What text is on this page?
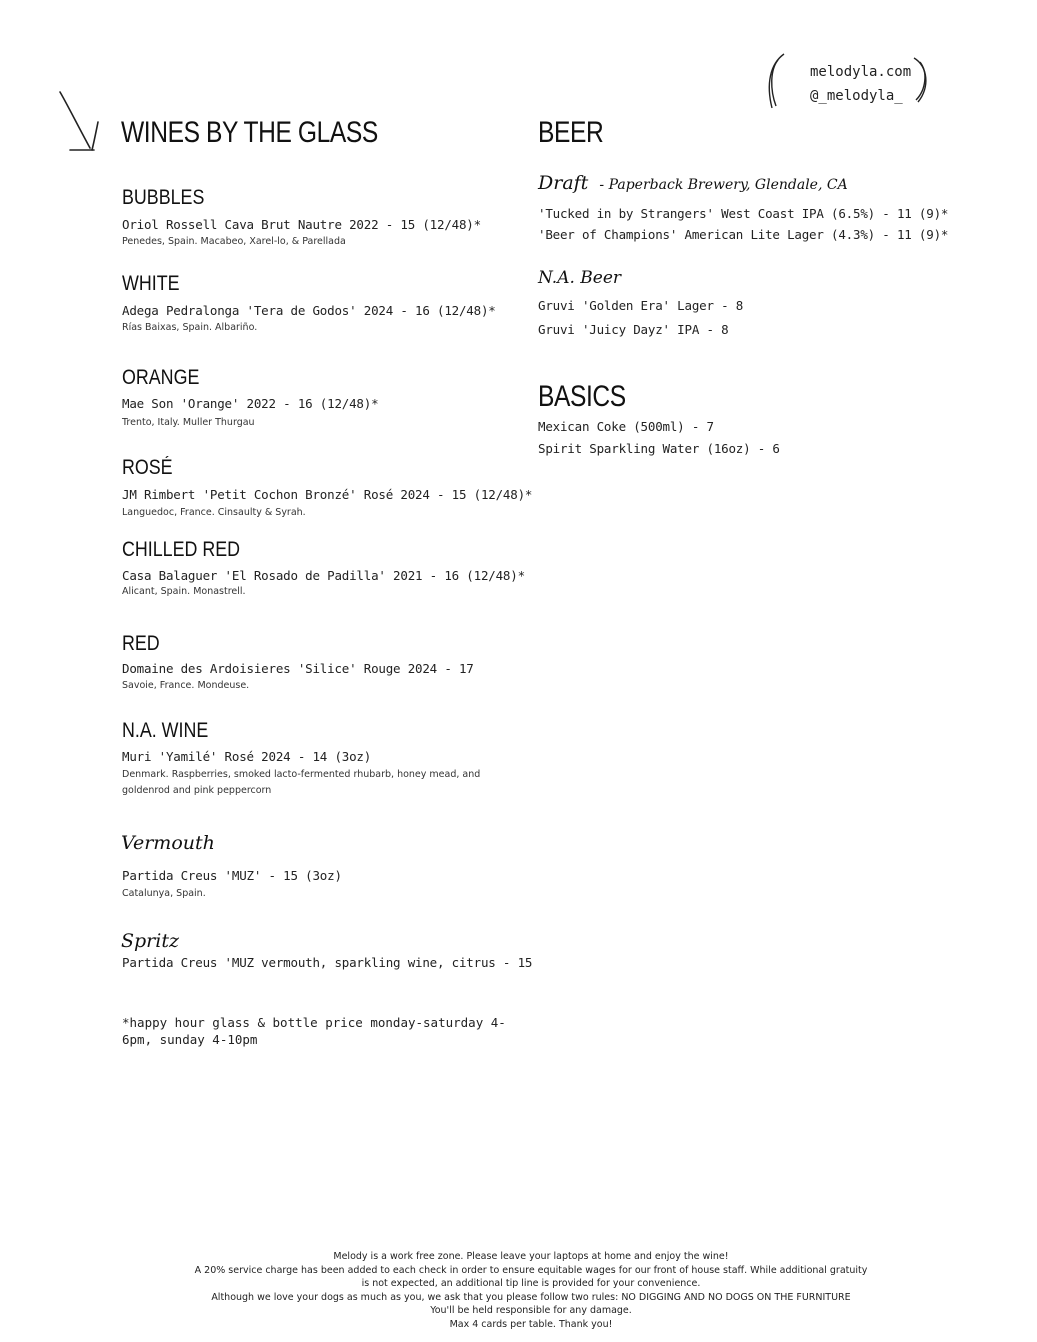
melodyla.com
@_melodyla_
WINES BY THE GLASS
BUBBLES
Oriol Rossell Cava Brut Nautre 2022 - 15 (12/48)*
Penedes, Spain. Macabeo, Xarel-lo, & Parellada
WHITE
Adega Pedralonga 'Tera de Godos' 2024 - 16 (12/48)*
Rías Baixas, Spain. Albariño.
ORANGE
Mae Son 'Orange' 2022 - 16 (12/48)*
Trento, Italy. Muller Thurgau
ROSÉ
JM Rimbert 'Petit Cochon Bronzé' Rosé 2024 - 15 (12/48)*
Languedoc, France. Cinsaulty & Syrah.
CHILLED RED
Casa Balaguer 'El Rosado de Padilla' 2021 - 16 (12/48)*
Alicant, Spain. Monastrell.
RED
Domaine des Ardoisieres 'Silice' Rouge 2024 - 17
Savoie, France. Mondeuse.
N.A. WINE
Muri 'Yamilé' Rosé 2024 - 14 (3oz)
Denmark. Raspberries, smoked lacto-fermented rhubarb, honey mead, and goldenrod and pink peppercorn
Vermouth
Partida Creus 'MUZ' - 15 (3oz)
Catalunya, Spain.
Spritz
Partida Creus 'MUZ vermouth, sparkling wine, citrus - 15
*happy hour glass & bottle price monday-saturday 4-6pm, sunday 4-10pm
BEER
Draft - Paperback Brewery, Glendale, CA
'Tucked in by Strangers' West Coast IPA (6.5%) - 11 (9)*
'Beer of Champions' American Lite Lager (4.3%) - 11 (9)*
N.A. Beer
Gruvi 'Golden Era' Lager - 8
Gruvi 'Juicy Dayz' IPA - 8
BASICS
Mexican Coke (500ml) - 7
Spirit Sparkling Water (16oz) - 6
Melody is a work free zone. Please leave your laptops at home and enjoy the wine!
A 20% service charge has been added to each check in order to ensure equitable wages for our front of house staff. While additional gratuity
is not expected, an additional tip line is provided for your convenience.
Although we love your dogs as much as you, we ask that you please follow two rules: NO DIGGING AND NO DOGS ON THE FURNITURE
You'll be held responsible for any damage.
Max 4 cards per table. Thank you!
